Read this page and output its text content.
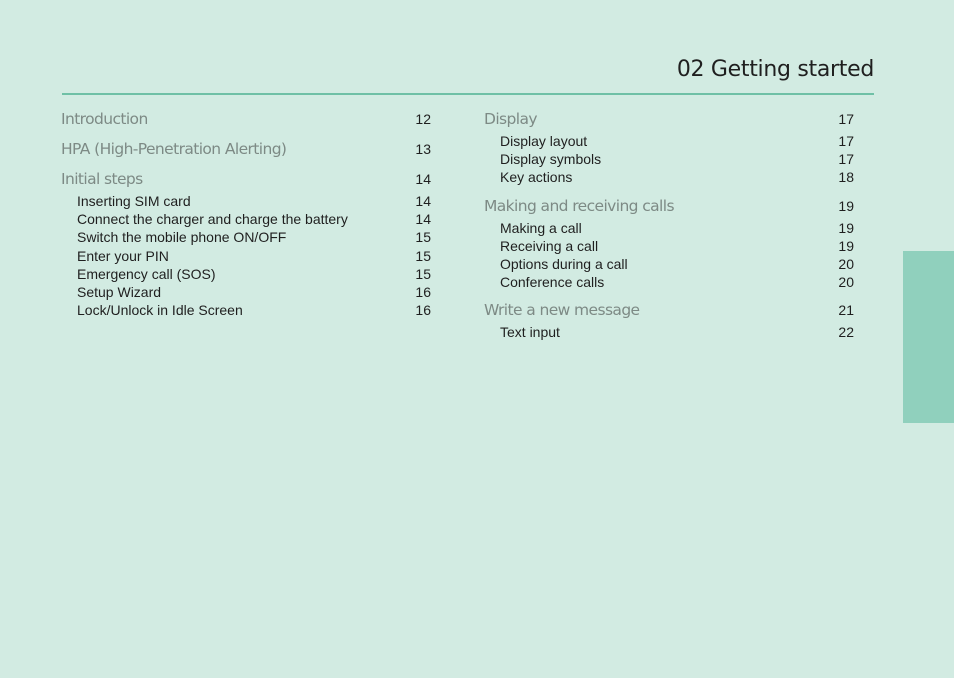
02 Getting started
Introduction	12
HPA (High-Penetration Alerting)	13
Initial steps	14
Inserting SIM card	14
Connect the charger and charge the battery	14
Switch the mobile phone ON/OFF	15
Enter your PIN	15
Emergency call (SOS)	15
Setup Wizard	16
Lock/Unlock in Idle Screen	16
Display	17
Display layout	17
Display symbols	17
Key actions	18
Making and receiving calls	19
Making a call	19
Receiving a call	19
Options during a call	20
Conference calls	20
Write a new message	21
Text input	22
